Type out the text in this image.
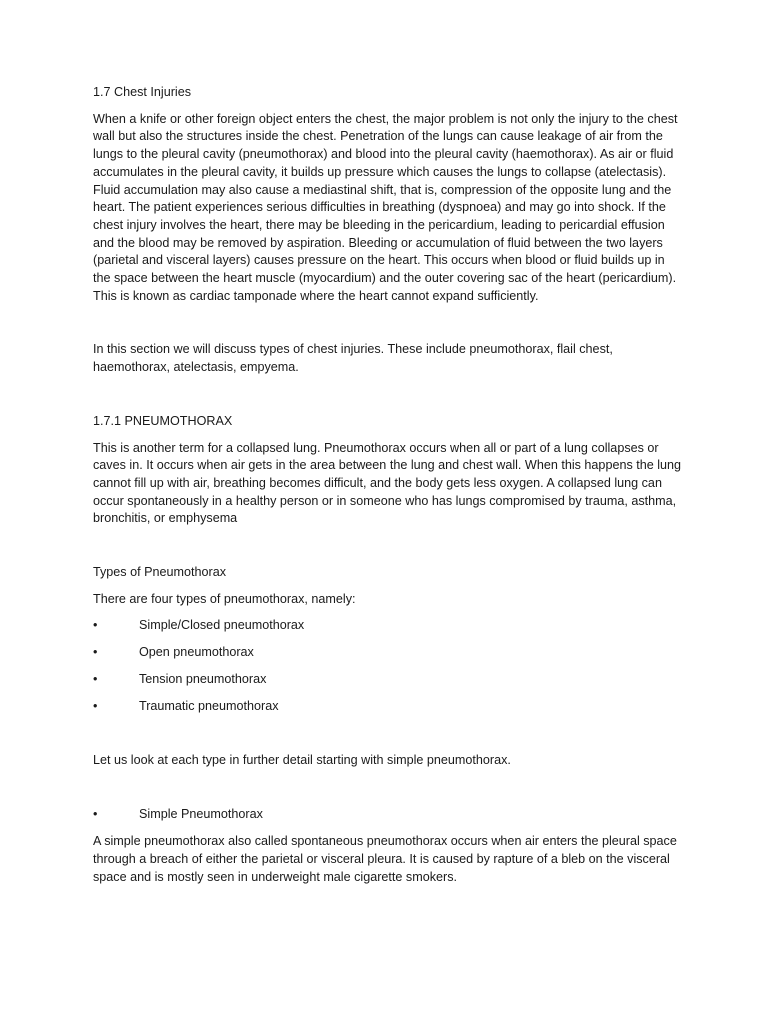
1.7 Chest Injuries

When a knife or other foreign object enters the chest, the major problem is not only the injury to the chest wall but also the structures inside the chest. Penetration of the lungs can cause leakage of air from the lungs to the pleural cavity (pneumothorax) and blood into the pleural cavity (haemothorax). As air or fluid accumulates in the pleural cavity, it builds up pressure which causes the lungs to collapse (atelectasis). Fluid accumulation may also cause a mediastinal shift, that is, compression of the opposite lung and the heart. The patient experiences serious difficulties in breathing (dyspnoea) and may go into shock. If the chest injury involves the heart, there may be bleeding in the pericardium, leading to pericardial effusion and the blood may be removed by aspiration. Bleeding or accumulation of fluid between the two layers (parietal and visceral layers) causes pressure on the heart. This occurs when blood or fluid builds up in the space between the heart muscle (myocardium) and the outer covering sac of the heart (pericardium). This is known as cardiac tamponade where the heart cannot expand sufficiently.

In this section we will discuss types of chest injuries. These include pneumothorax, flail chest, haemothorax, atelectasis, empyema.

1.7.1 PNEUMOTHORAX

This is another term for a collapsed lung. Pneumothorax occurs when all or part of a lung collapses or caves in. It occurs when air gets in the area between the lung and chest wall. When this happens the lung cannot fill up with air, breathing becomes difficult, and the body gets less oxygen. A collapsed lung can occur spontaneously in a healthy person or in someone who has lungs compromised by trauma, asthma, bronchitis, or emphysema

Types of Pneumothorax

There are four types of pneumothorax, namely:

•	Simple/Closed pneumothorax
•	Open pneumothorax
•	Tension pneumothorax
•	Traumatic pneumothorax

Let us look at each type in further detail starting with simple pneumothorax.

•	Simple Pneumothorax

A simple pneumothorax also called spontaneous pneumothorax occurs when air enters the pleural space through a breach of either the parietal or visceral pleura. It is caused by rapture of a bleb on the visceral space and is mostly seen in underweight male cigarette smokers.
